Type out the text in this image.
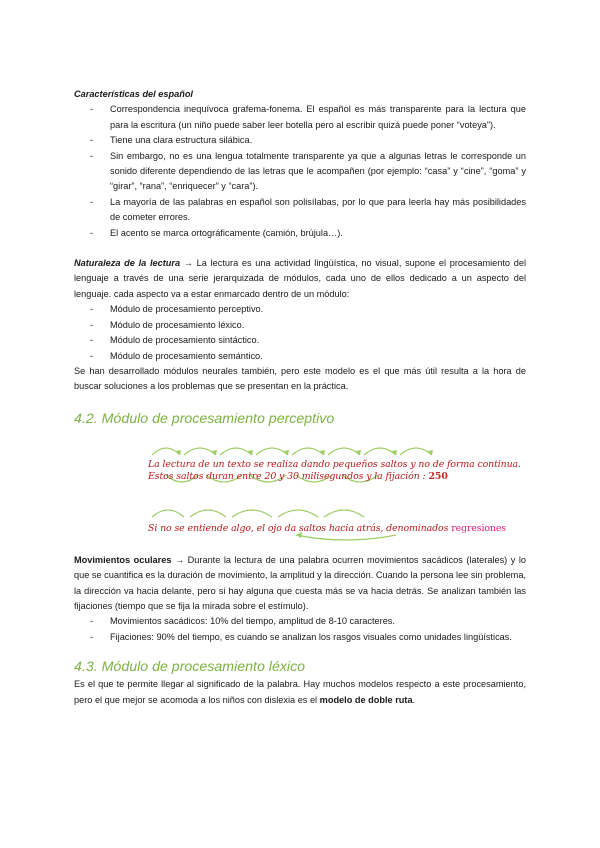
Características del español
- Correspondencia inequívoca grafema-fonema. El español es más transparente para la lectura que para la escritura (un niño puede saber leer botella pero al escribir quizá puede poner “voteya”).
- Tiene una clara estructura silábica.
- Sin embargo, no es una lengua totalmente transparente ya que a algunas letras le corresponde un sonido diferente dependiendo de las letras que le acompañen (por ejemplo: “casa” y “cine”, “goma” y “girar”, “rana”, “enriquecer” y “cara”).
- La mayoría de las palabras en español son polisílabas, por lo que para leerla hay más posibilidades de cometer errores.
- El acento se marca ortográficamente (camión, brújula…).

Naturaleza de la lectura → La lectura es una actividad lingüística, no visual, supone el procesamiento del lenguaje a través de una serie jerarquizada de módulos, cada uno de ellos dedicado a un aspecto del lenguaje. cada aspecto va a estar enmarcado dentro de un módulo:

- Módulo de procesamiento perceptivo.
- Módulo de procesamiento léxico.
- Módulo de procesamiento sintáctico.
- Módulo de procesamiento semántico.

Se han desarrollado módulos neurales también, pero este modelo es el que más útil resulta a la hora de buscar soluciones a los problemas que se presentan en la práctica.

4.2. Módulo de procesamiento perceptivo
La lectura de un texto se realiza dando pequeños saltos y no de forma continua.
Estos saltos duran entre 20 y 30 milisegundos y la fijación : 250
Si no se entiende algo, el ojo da saltos hacia atrás, denominados regresiones

Movimientos oculares → Durante la lectura de una palabra ocurren movimientos sacádicos (laterales) y lo que se cuantifica es la duración de movimiento, la amplitud y la dirección. Cuando la persona lee sin problema, la dirección va hacia delante, pero si hay alguna que cuesta más se va hacia detrás. Se analizan también las fijaciones (tiempo que se fija la mirada sobre el estímulo).

- Movimientos sacádicos: 10% del tiempo, amplitud de 8-10 caracteres.
- Fijaciones: 90% del tiempo, es cuando se analizan los rasgos visuales como unidades lingüísticas.
4.3. Módulo de procesamiento léxico

Es el que te permite llegar al significado de la palabra. Hay muchos modelos respecto a este procesamiento, pero el que mejor se acomoda a los niños con dislexia es el modelo de doble ruta.
